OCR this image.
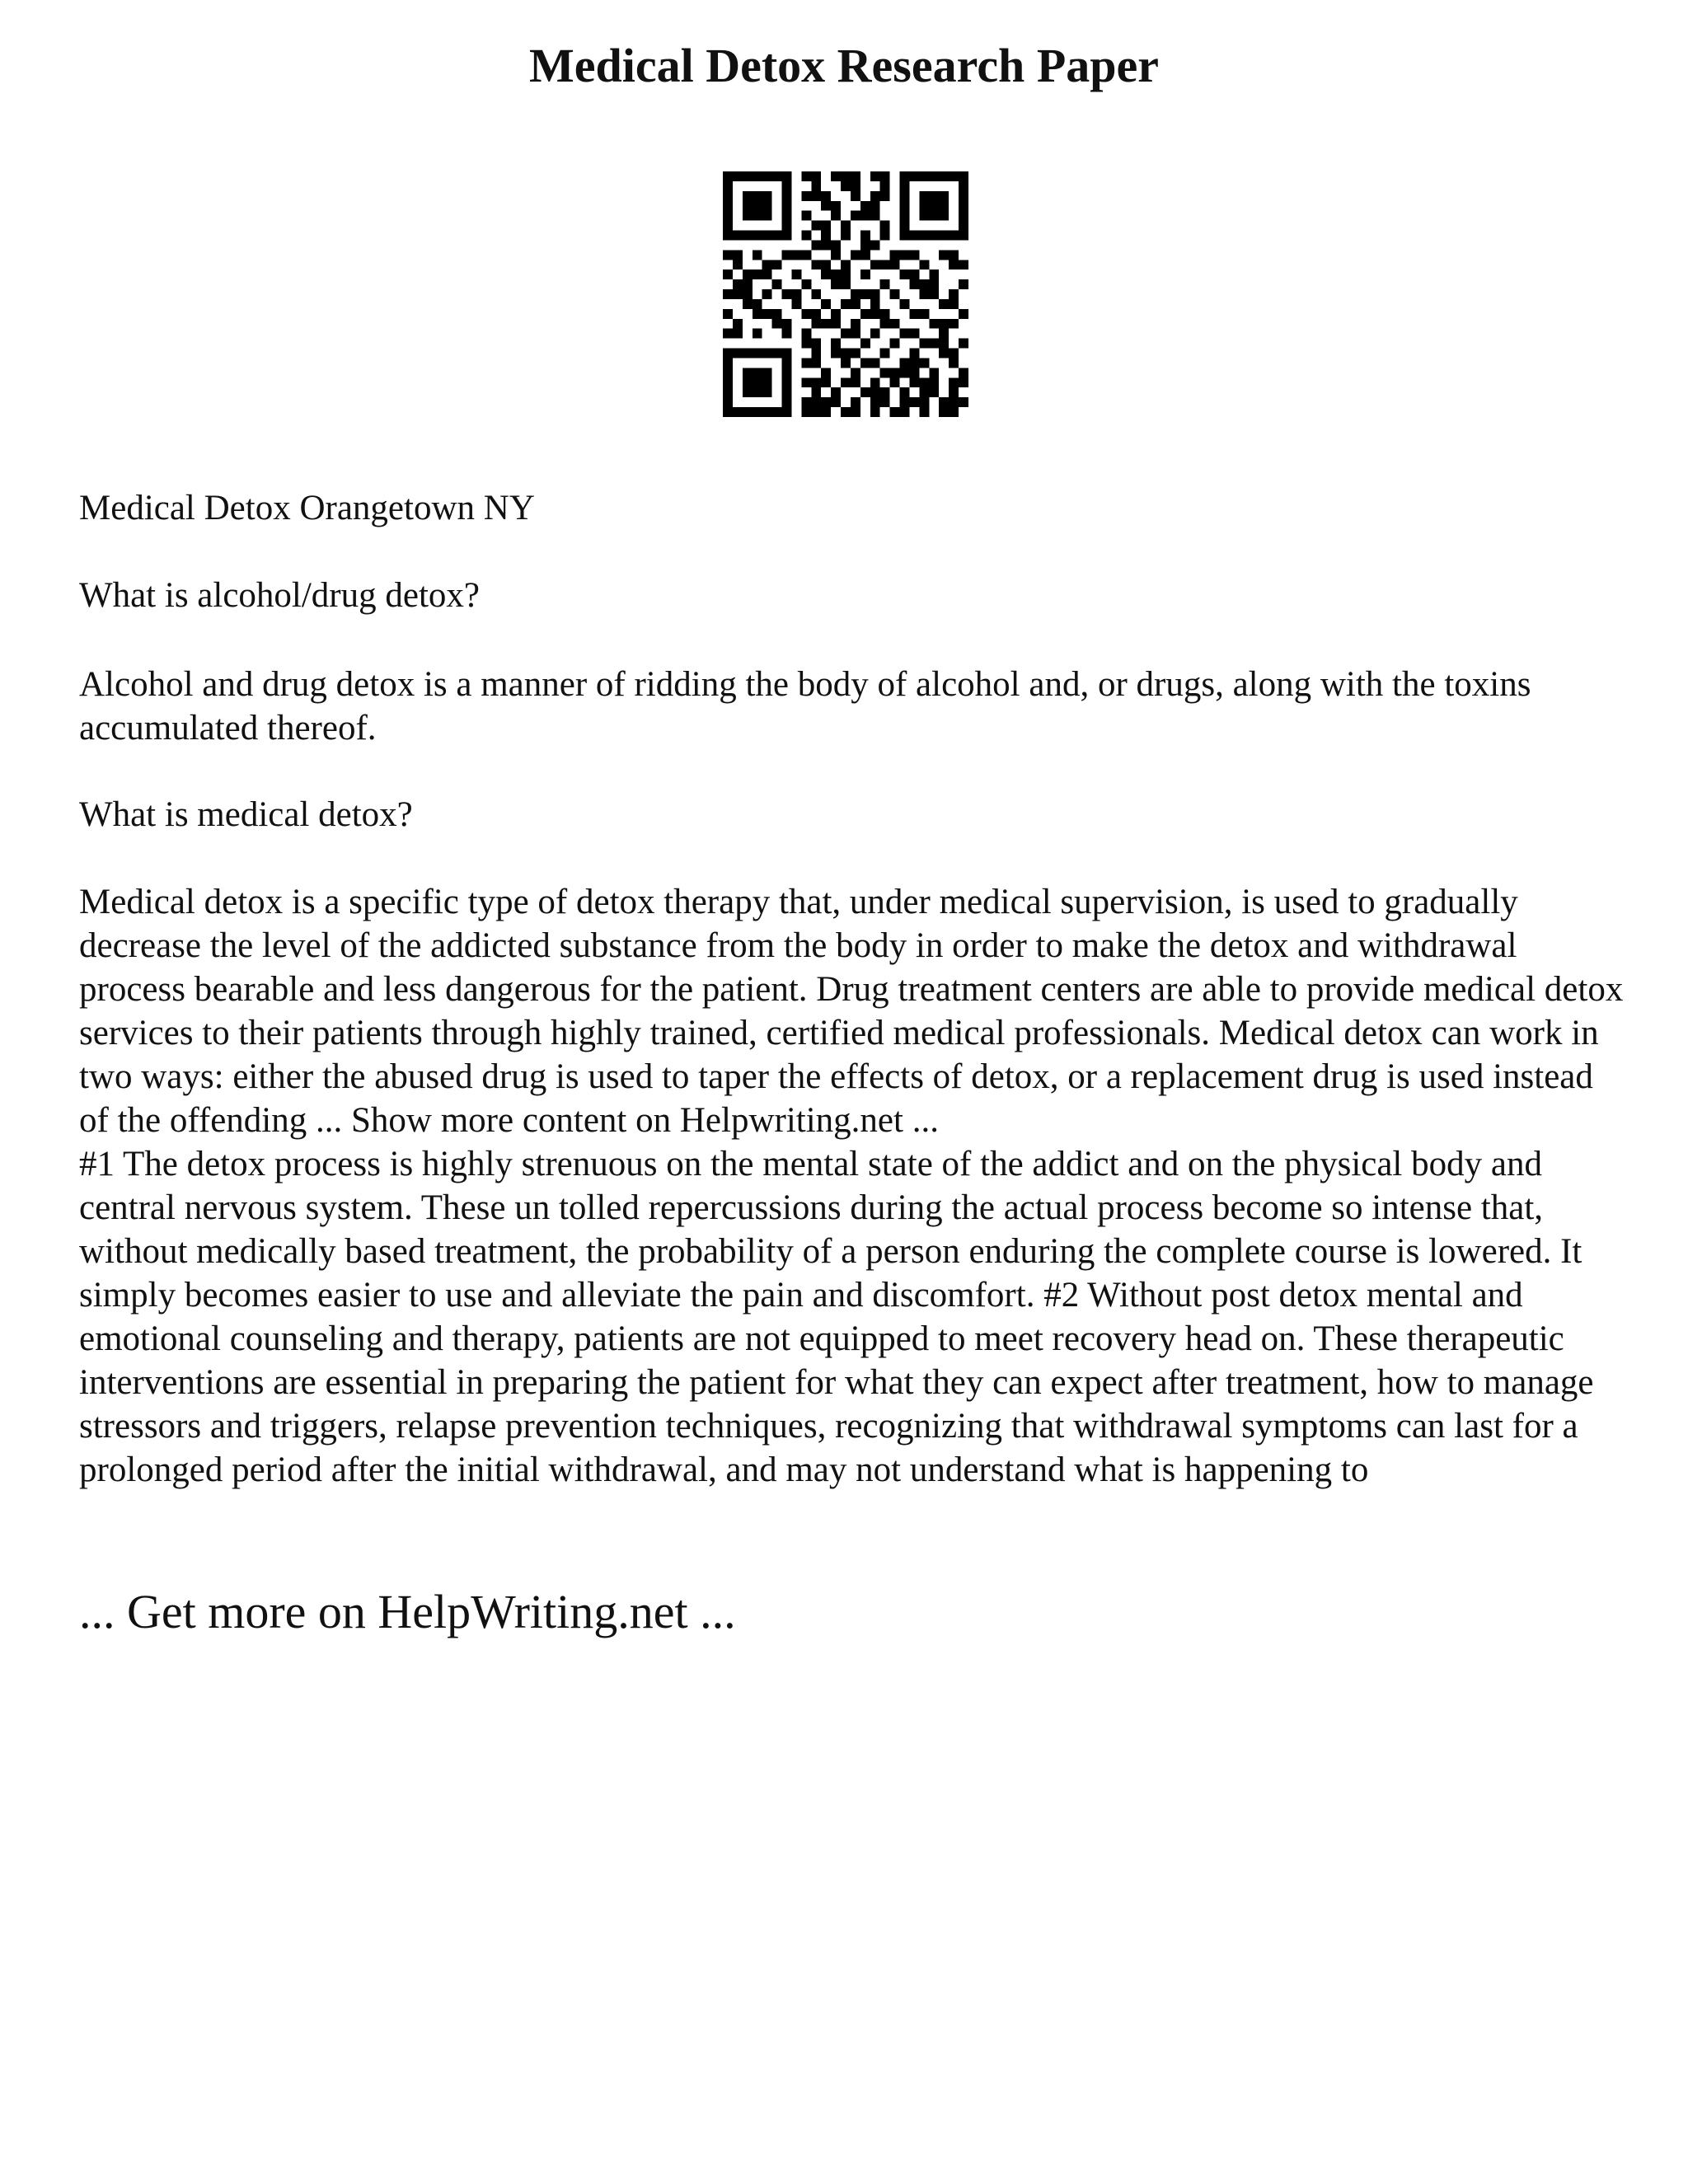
Medical Detox Research Paper

Medical Detox Orangetown NY

What is alcohol/drug detox?

Alcohol and drug detox is a manner of ridding the body of alcohol and, or drugs, along with the toxins accumulated thereof.

What is medical detox?

Medical detox is a specific type of detox therapy that, under medical supervision, is used to gradually decrease the level of the addicted substance from the body in order to make the detox and withdrawal process bearable and less dangerous for the patient. Drug treatment centers are able to provide medical detox services to their patients through highly trained, certified medical professionals. Medical detox can work in two ways: either the abused drug is used to taper the effects of detox, or a replacement drug is used instead of the offending ... Show more content on Helpwriting.net ...

#1 The detox process is highly strenuous on the mental state of the addict and on the physical body and central nervous system. These un tolled repercussions during the actual process become so intense that, without medically based treatment, the probability of a person enduring the complete course is lowered. It simply becomes easier to use and alleviate the pain and discomfort. #2 Without post detox mental and emotional counseling and therapy, patients are not equipped to meet recovery head on. These therapeutic interventions are essential in preparing the patient for what they can expect after treatment, how to manage stressors and triggers, relapse prevention techniques, recognizing that withdrawal symptoms can last for a prolonged period after the initial withdrawal, and may not understand what is happening to

... Get more on HelpWriting.net ...
